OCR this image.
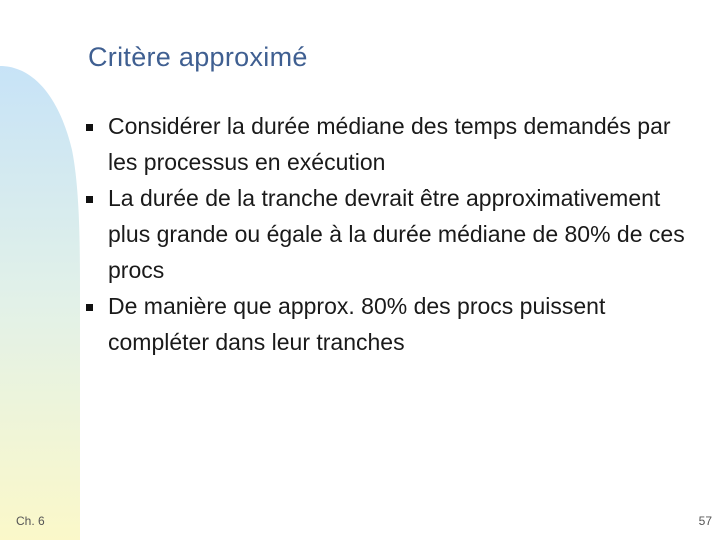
Critère approximé
Considérer la durée médiane des temps demandés par les processus en exécution
La durée de la tranche devrait être approximativement plus grande ou égale à la durée médiane de 80% de ces procs
De manière que approx. 80% des procs puissent compléter dans leur tranches
Ch. 6	57
